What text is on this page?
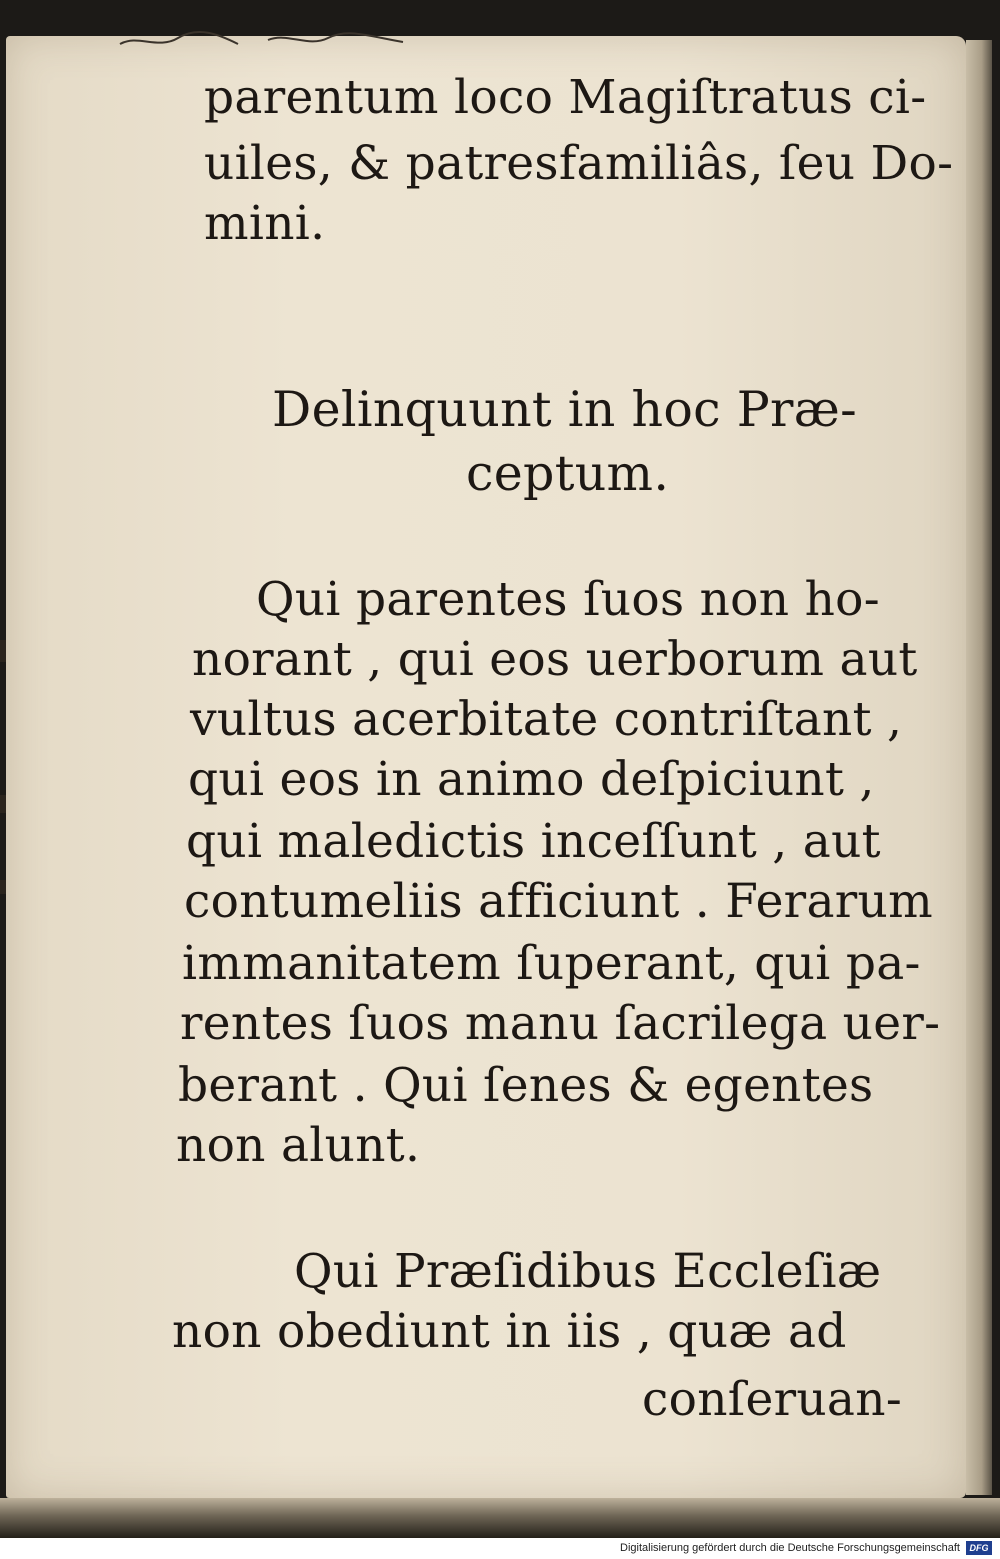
parentum loco Magiſtratus ci-

uiles, & patresfamiliâs, ſeu Do-

mini.

Delinquunt in hoc Præ-

ceptum.

Qui parentes ſuos non ho-

norant , qui eos uerborum aut

vultus acerbitate contriſtant ,

qui eos in animo deſpiciunt ,

qui maledictis inceſſunt , aut

contumeliis afficiunt . Ferarum

immanitatem ſuperant, qui pa-

rentes ſuos manu ſacrilega uer-

berant . Qui ſenes & egentes

non alunt.

Qui Præſidibus Eccleſiæ

non obediunt in iis , quæ ad

conſeruan-

Digitalisierung gefördert durch die Deutsche Forschungsgemeinschaft	DFG
